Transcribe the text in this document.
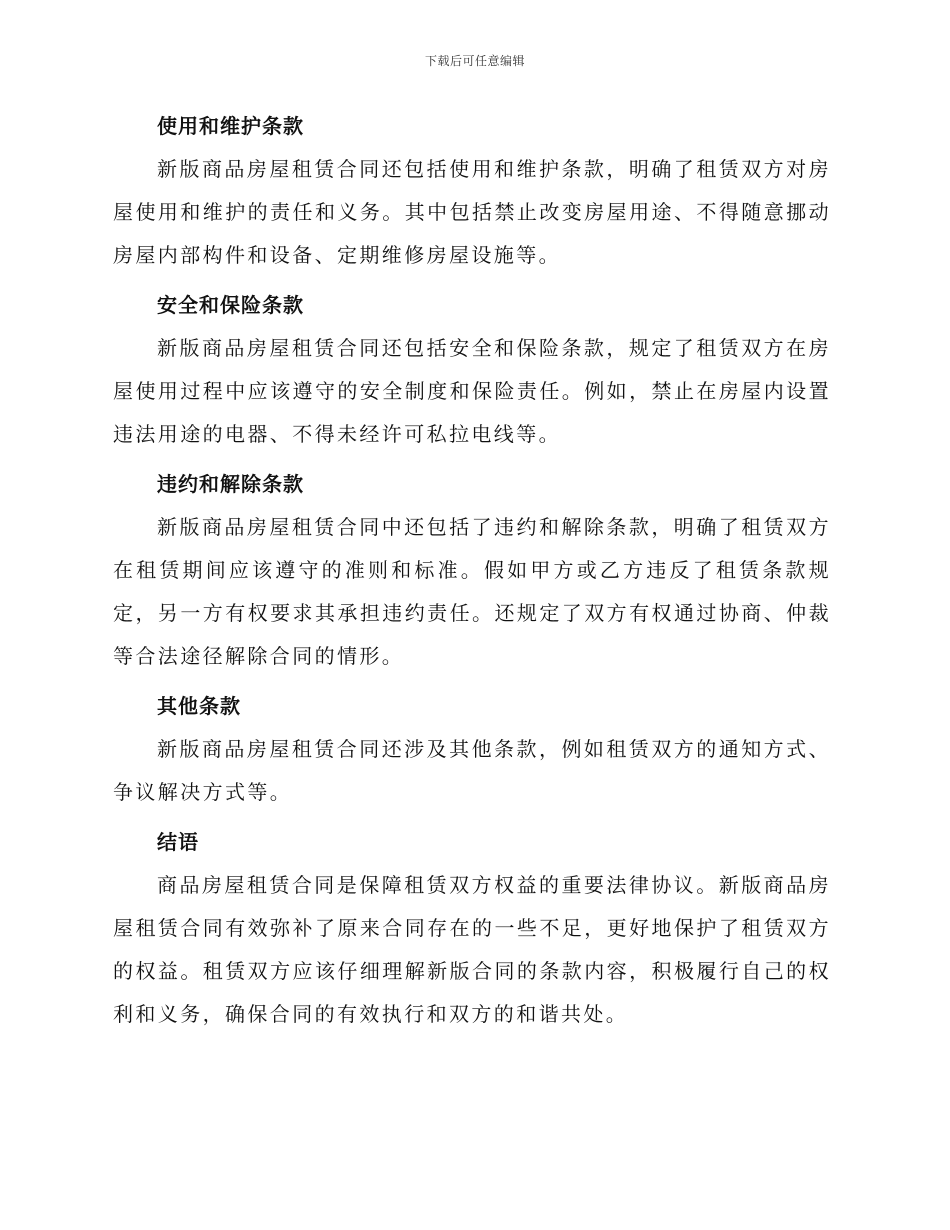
下载后可任意编辑
使用和维护条款

新版商品房屋租赁合同还包括使用和维护条款，明确了租赁双方对房屋使用和维护的责任和义务。其中包括禁止改变房屋用途、不得随意挪动房屋内部构件和设备、定期维修房屋设施等。

安全和保险条款

新版商品房屋租赁合同还包括安全和保险条款，规定了租赁双方在房屋使用过程中应该遵守的安全制度和保险责任。例如，禁止在房屋内设置违法用途的电器、不得未经许可私拉电线等。

违约和解除条款

新版商品房屋租赁合同中还包括了违约和解除条款，明确了租赁双方在租赁期间应该遵守的准则和标准。假如甲方或乙方违反了租赁条款规定，另一方有权要求其承担违约责任。还规定了双方有权通过协商、仲裁等合法途径解除合同的情形。

其他条款

新版商品房屋租赁合同还涉及其他条款，例如租赁双方的通知方式、争议解决方式等。

结语

商品房屋租赁合同是保障租赁双方权益的重要法律协议。新版商品房屋租赁合同有效弥补了原来合同存在的一些不足，更好地保护了租赁双方的权益。租赁双方应该仔细理解新版合同的条款内容，积极履行自己的权利和义务，确保合同的有效执行和双方的和谐共处。
